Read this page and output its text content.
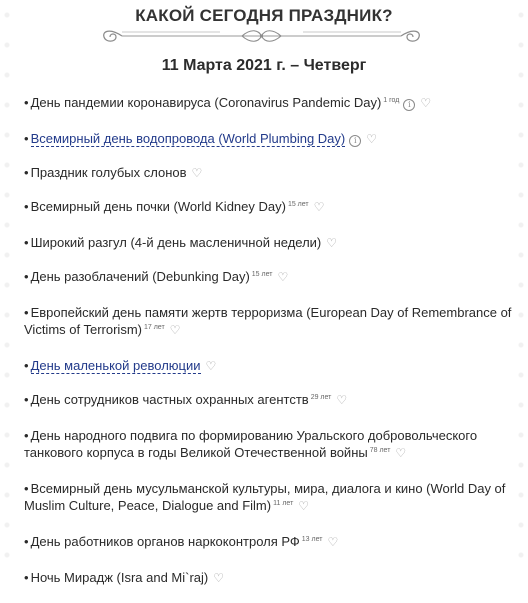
КАКОЙ СЕГОДНЯ ПРАЗДНИК?
11 Марта 2021 г. – Четверг
• День пандемии коронавируса (Coronavirus Pandemic Day) $^{1 год}$ i ♡
• Всемирный день водопровода (World Plumbing Day) i ♡
• Праздник голубых слонов ♡
• Всемирный день почки (World Kidney Day) $^{15 лет}$ ♡
• Широкий разгул (4-й день масленичной недели) ♡
• День разоблачений (Debunking Day) $^{15 лет}$ ♡
• Европейский день памяти жертв терроризма (European Day of Remembrance of Victims of Terrorism) $^{17 лет}$ ♡
• День маленькой революции ♡
• День сотрудников частных охранных агентств $^{29 лет}$ ♡
• День народного подвига по формированию Уральского добровольческого танкового корпуса в годы Великой Отечественной войны $^{78 лет}$ ♡
• Всемирный день мусульманской культуры, мира, диалога и кино (World Day of Muslim Culture, Peace, Dialogue and Film) $^{11 лет}$ ♡
• День работников органов наркоконтроля РФ $^{13 лет}$ ♡
• Ночь Мирадж (Isra and Mi`raj) ♡
